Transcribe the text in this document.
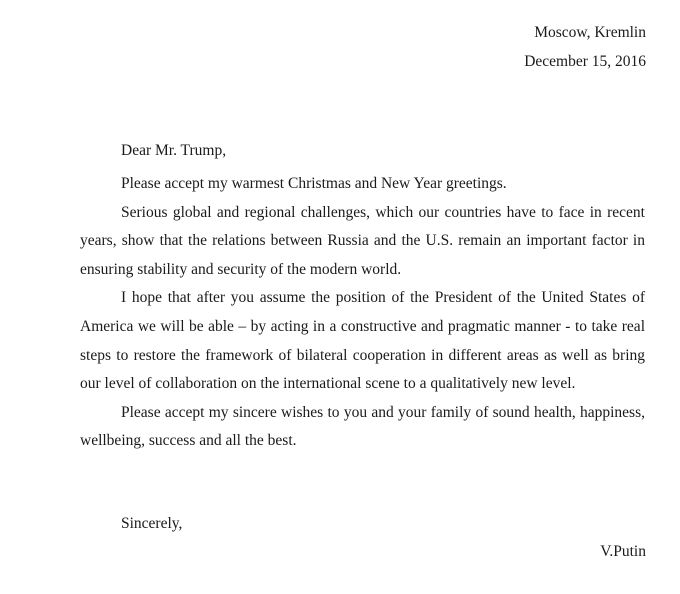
Moscow, Kremlin
December 15, 2016
Dear Mr. Trump,

Please accept my warmest Christmas and New Year greetings.

Serious global and regional challenges, which our countries have to face in recent years, show that the relations between Russia and the U.S. remain an important factor in ensuring stability and security of the modern world.

I hope that after you assume the position of the President of the United States of America we will be able – by acting in a constructive and pragmatic manner - to take real steps to restore the framework of bilateral cooperation in different areas as well as bring our level of collaboration on the international scene to a qualitatively new level.

Please accept my sincere wishes to you and your family of sound health, happiness, wellbeing, success and all the best.

Sincerely,
V.Putin
